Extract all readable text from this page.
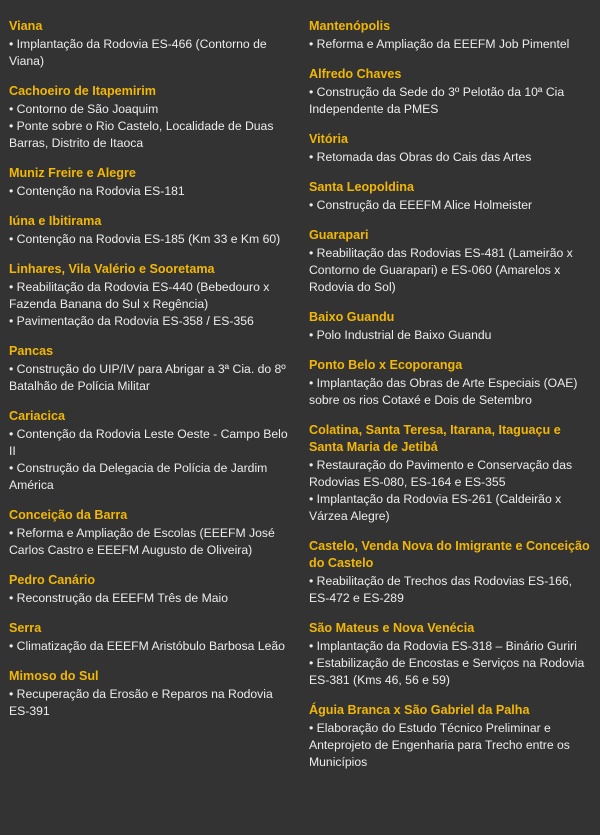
Viana
• Implantação da Rodovia ES-466 (Contorno de Viana)
Cachoeiro de Itapemirim
• Contorno de São Joaquim
• Ponte sobre o Rio Castelo, Localidade de Duas Barras, Distrito de Itaoca
Muniz Freire e Alegre
• Contenção na Rodovia ES-181
Iúna e Ibitirama
• Contenção na Rodovia ES-185 (Km 33 e Km 60)
Linhares, Vila Valério e Sooretama
• Reabilitação da Rodovia ES-440 (Bebedouro x Fazenda Banana do Sul x Regência)
• Pavimentação da Rodovia ES-358 / ES-356
Pancas
• Construção do UIP/IV para Abrigar a 3ª Cia. do 8º Batalhão de Polícia Militar
Cariacica
• Contenção da Rodovia Leste Oeste - Campo Belo II
• Construção da Delegacia de Polícia de Jardim América
Conceição da Barra
• Reforma e Ampliação de Escolas (EEEFM José Carlos Castro e EEEFM Augusto de Oliveira)
Pedro Canário
• Reconstrução da EEEFM Três de Maio
Serra
• Climatização da EEEFM Aristóbulo Barbosa Leão
Mimoso do Sul
• Recuperação da Erosão e Reparos na Rodovia ES-391
Mantenópolis
• Reforma e Ampliação da EEEFM Job Pimentel
Alfredo Chaves
• Construção da Sede do 3º Pelotão da 10ª Cia Independente da PMES
Vitória
• Retomada das Obras do Cais das Artes
Santa Leopoldina
• Construção da EEEFM Alice Holmeister
Guarapari
• Reabilitação das Rodovias ES-481 (Lameirão x Contorno de Guarapari) e ES-060 (Amarelos x Rodovia do Sol)
Baixo Guandu
• Polo Industrial de Baixo Guandu
Ponto Belo x Ecoporanga
• Implantação das Obras de Arte Especiais (OAE) sobre os rios Cotaxé e Dois de Setembro
Colatina, Santa Teresa, Itarana, Itaguaçu e Santa Maria de Jetibá
• Restauração do Pavimento e Conservação das Rodovias ES-080, ES-164 e ES-355
• Implantação da Rodovia ES-261 (Caldeirão x Várzea Alegre)
Castelo, Venda Nova do Imigrante e Conceição do Castelo
• Reabilitação de Trechos das Rodovias ES-166, ES-472 e ES-289
São Mateus e Nova Venécia
• Implantação da Rodovia ES-318 – Binário Guriri
• Estabilização de Encostas e Serviços na Rodovia ES-381 (Kms 46, 56 e 59)
Águia Branca x São Gabriel da Palha
• Elaboração do Estudo Técnico Preliminar e Anteprojeto de Engenharia para Trecho entre os Municípios
